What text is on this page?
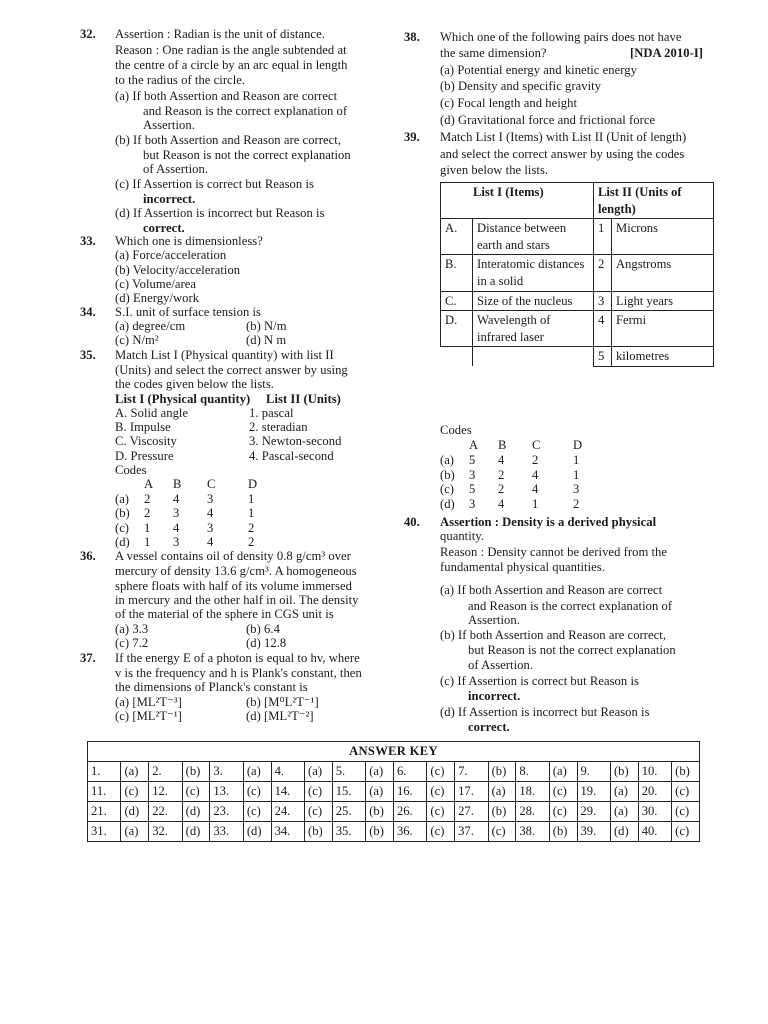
32. Assertion : Radian is the unit of distance.
Reason : One radian is the angle subtended at
the centre of a circle by an arc equal in length
to the radius of the circle.
(a) If both Assertion and Reason are correct
and Reason is the correct explanation of
Assertion.
(b) If both Assertion and Reason are correct,
but Reason is not the correct explanation
of Assertion.
(c) If Assertion is correct but Reason is
incorrect.
(d) If Assertion is incorrect but Reason is
correct.
33. Which one is dimensionless?
(a) Force/acceleration
(b) Velocity/acceleration
(c) Volume/area
(d) Energy/work
34. S.I. unit of surface tension is
(a) degree/cm	(b) N/m
(c) N/m²	(d) N m
35. Match List I (Physical quantity) with list II
(Units) and select the correct answer by using
the codes given below the lists.
List I (Physical quantity) List II (Units)
A. Solid angle	1. pascal
B. Impulse	2. steradian
C. Viscosity	3. Newton-second
D. Pressure	4. Pascal-second
Codes
A B C	D
(a) 2 4 3	1
(b) 2 3 4	1
(c) 1 4 3	2
(d) 1 3 4	2
36. A vessel contains oil of density 0.8 g/cm³ over
mercury of density 13.6 g/cm³. A homogeneous
sphere floats with half of its volume immersed
in mercury and the other half in oil. The density
of the material of the sphere in CGS unit is
(a) 3.3	(b) 6.4
(c) 7.2	(d) 12.8
37. If the energy E of a photon is equal to hv, where
v is the frequency and h is Plank's constant, then
the dimensions of Planck's constant is
(a) [ML²T⁻³]	(b) [M⁰L²T⁻¹]
(c) [ML²T⁻¹]	(d) [ML²T⁻²]
38. Which one of the following pairs does not have
the same dimension?	[NDA 2010-I]
(a) Potential energy and kinetic energy
(b) Density and specific gravity
(c) Focal length and height
(d) Gravitational force and frictional force
39. Match List I (Items) with List II (Unit of length)
and select the correct answer by using the codes
given below the lists.
List I (Items)		List II (Units of length)	
A.	Distance between earth and stars	1	Microns
B.	Interatomic distances in a solid	2	Angstroms
C.	Size of the nucleus	3	Light years
D.	Wavelength of infrared laser	4	Fermi
		5	kilometres
Codes
A B C	D
(a) 5 4 2	1
(b) 3 2 4	1
(c) 5 2 4	3
(d) 3 4 1	2
40. Assertion : Density is a derived physical
quantity.
Reason : Density cannot be derived from the
fundamental physical quantities.
(a) If both Assertion and Reason are correct
and Reason is the correct explanation of
Assertion.
(b) If both Assertion and Reason are correct,
but Reason is not the correct explanation
of Assertion.
(c) If Assertion is correct but Reason is
incorrect.
(d) If Assertion is incorrect but Reason is
correct.
ANSWER KEY																			
1.	(a)	2.	(b)	3.	(a)	4.	(a)	5.	(a)	6.	(c)	7.	(b)	8.	(a)	9.	(b)	10.	(b)
11.	(c)	12.	(c)	13.	(c)	14.	(c)	15.	(a)	16.	(c)	17.	(a)	18.	(c)	19.	(a)	20.	(c)
21.	(d)	22.	(d)	23.	(c)	24.	(c)	25.	(b)	26.	(c)	27.	(b)	28.	(c)	29.	(a)	30.	(c)
31.	(a)	32.	(d)	33.	(d)	34.	(b)	35.	(b)	36.	(c)	37.	(c)	38.	(b)	39.	(d)	40.	(c)
